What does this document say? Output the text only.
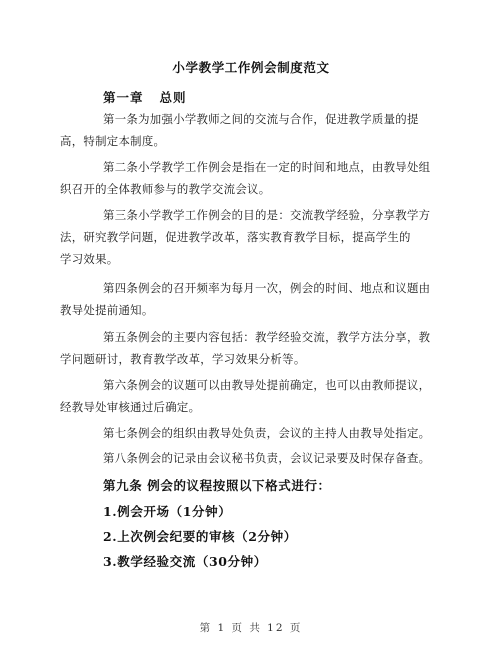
小学教学工作例会制度范文
第一章 总则
第一条为加强小学教师之间的交流与合作，促进教学质量的提
高，特制定本制度。
第二条小学教学工作例会是指在一定的时间和地点，由教导处组
织召开的全体教师参与的教学交流会议。
第三条小学教学工作例会的目的是：交流教学经验，分享教学方
法，研究教学问题，促进教学改革，落实教育教学目标，提高学生的
学习效果。
第四条例会的召开频率为每月一次，例会的时间、地点和议题由
教导处提前通知。
第五条例会的主要内容包括：教学经验交流，教学方法分享，教
学问题研讨，教育教学改革，学习效果分析等。
第六条例会的议题可以由教导处提前确定，也可以由教师提议，
经教导处审核通过后确定。
第七条例会的组织由教导处负责，会议的主持人由教导处指定。
第八条例会的记录由会议秘书负责，会议记录要及时保存备查。
第九条 例会的议程按照以下格式进行：
1.例会开场（1分钟）
2.上次例会纪要的审核（2分钟）
3.教学经验交流（30分钟）
第 1 页 共 12 页
